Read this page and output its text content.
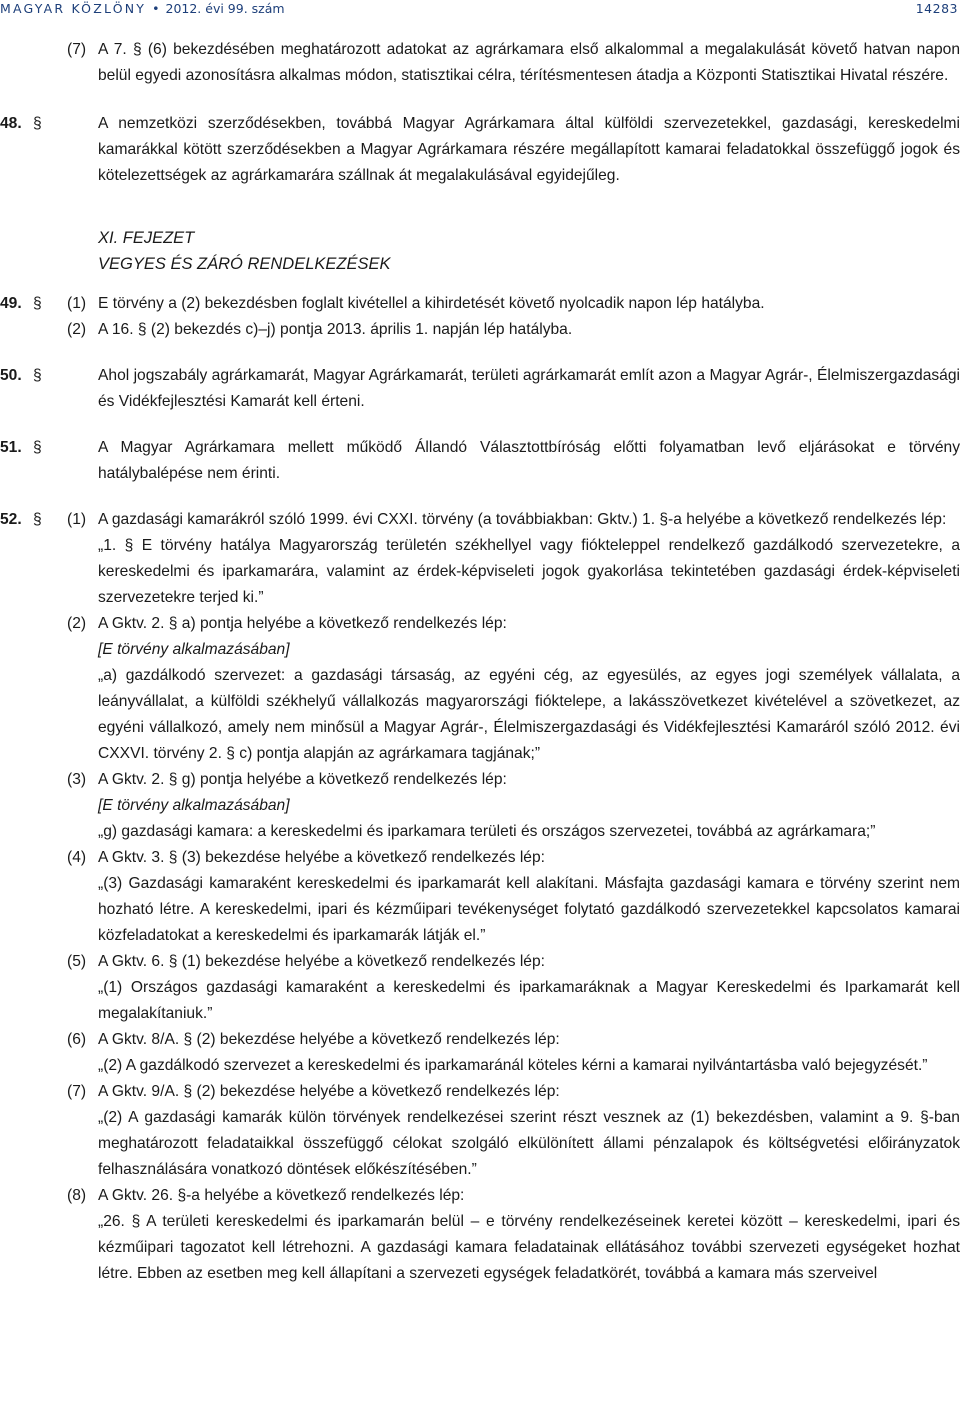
MAGYAR KÖZLÖNY • 2012. évi 99. szám	14283
(7) A 7. § (6) bekezdésében meghatározott adatokat az agrárkamara első alkalommal a megalakulását követő hatvan napon belül egyedi azonosításra alkalmas módon, statisztikai célra, térítésmentesen átadja a Központi Statisztikai Hivatal részére.

48. §	A nemzetközi szerződésekben, továbbá Magyar Agrárkamara által külföldi szervezetekkel, gazdasági, kereskedelmi kamarákkal kötött szerződésekben a Magyar Agrárkamara részére megállapított kamarai feladatokkal összefüggő jogok és kötelezettségek az agrárkamarára szállnak át megalakulásával egyidejűleg.

XI. FEJEZET
VEGYES ÉS ZÁRÓ RENDELKEZÉSEK
49. § (1) E törvény a (2) bekezdésben foglalt kivétellel a kihirdetését követő nyolcadik napon lép hatályba.

(2) A 16. § (2) bekezdés c)–j) pontja 2013. április 1. napján lép hatályba.

50. §	Ahol jogszabály agrárkamarát, Magyar Agrárkamarát, területi agrárkamarát említ azon a Magyar Agrár-, Élelmiszergazdasági és Vidékfejlesztési Kamarát kell érteni.

51. §	A Magyar Agrárkamara mellett működő Állandó Választottbíróság előtti folyamatban levő eljárásokat e törvény hatálybalépése nem érinti.

52. § (1) A gazdasági kamarákról szóló 1999. évi CXXI. törvény (a továbbiakban: Gktv.) 1. §-a helyébe a következő rendelkezés lép:

„1. § E törvény hatálya Magyarország területén székhellyel vagy fiókteleppel rendelkező gazdálkodó szervezetekre, a kereskedelmi és iparkamarára, valamint az érdek-képviseleti jogok gyakorlása tekintetében gazdasági érdek-képviseleti szervezetekre terjed ki.”

(2) A Gktv. 2. § a) pontja helyébe a következő rendelkezés lép:

[E törvény alkalmazásában]

„a) gazdálkodó szervezet: a gazdasági társaság, az egyéni cég, az egyesülés, az egyes jogi személyek vállalata, a leányvállalat, a külföldi székhelyű vállalkozás magyarországi fióktelepe, a lakásszövetkezet kivételével a szövetkezet, az egyéni vállalkozó, amely nem minősül a Magyar Agrár-, Élelmiszergazdasági és Vidékfejlesztési Kamaráról szóló 2012. évi CXXVI. törvény 2. § c) pontja alapján az agrárkamara tagjának;”

(3) A Gktv. 2. § g) pontja helyébe a következő rendelkezés lép:

[E törvény alkalmazásában]

„g) gazdasági kamara: a kereskedelmi és iparkamara területi és országos szervezetei, továbbá az agrárkamara;”

(4) A Gktv. 3. § (3) bekezdése helyébe a következő rendelkezés lép:

„(3) Gazdasági kamaraként kereskedelmi és iparkamarát kell alakítani. Másfajta gazdasági kamara e törvény szerint nem hozható létre. A kereskedelmi, ipari és kézműipari tevékenységet folytató gazdálkodó szervezetekkel kapcsolatos kamarai közfeladatokat a kereskedelmi és iparkamarák látják el.”

(5) A Gktv. 6. § (1) bekezdése helyébe a következő rendelkezés lép:

„(1) Országos gazdasági kamaraként a kereskedelmi és iparkamaráknak a Magyar Kereskedelmi és Iparkamarát kell megalakítaniuk.”

(6) A Gktv. 8/A. § (2) bekezdése helyébe a következő rendelkezés lép:

„(2) A gazdálkodó szervezet a kereskedelmi és iparkamaránál köteles kérni a kamarai nyilvántartásba való bejegyzését.”

(7) A Gktv. 9/A. § (2) bekezdése helyébe a következő rendelkezés lép:

„(2) A gazdasági kamarák külön törvények rendelkezései szerint részt vesznek az (1) bekezdésben, valamint a 9. §-ban meghatározott feladataikkal összefüggő célokat szolgáló elkülönített állami pénzalapok és költségvetési előirányzatok felhasználására vonatkozó döntések előkészítésében.”

(8) A Gktv. 26. §-a helyébe a következő rendelkezés lép:

„26. § A területi kereskedelmi és iparkamarán belül – e törvény rendelkezéseinek keretei között – kereskedelmi, ipari és kézműipari tagozatot kell létrehozni. A gazdasági kamara feladatainak ellátásához további szervezeti egységeket hozhat létre. Ebben az esetben meg kell állapítani a szervezeti egységek feladatkörét, továbbá a kamara más szerveivel
